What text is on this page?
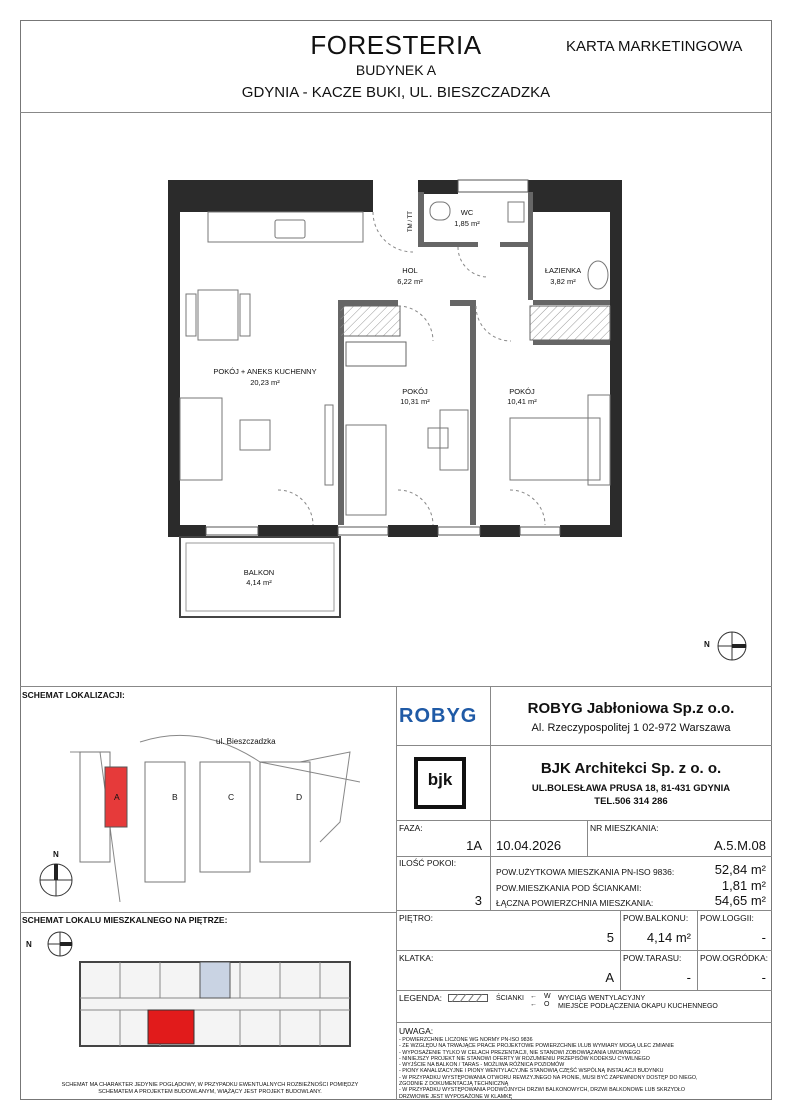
FORESTERIA
BUDYNEK A
GDYNIA - KACZE BUKI, UL. BIESZCZADZKA
KARTA MARKETINGOWA
TM / TT	WC
1,85 m²
HOL
6,22 m²
ŁAZIENKA
3,82 m²
POKÓJ + ANEKS KUCHENNY
20,23 m²
POKÓJ
10,31 m²
POKÓJ
10,41 m²
BALKON
4,14 m²
N
SCHEMAT LOKALIZACJI:
ul. Bieszczadzka
A	B	C	D
N
SCHEMAT LOKALU MIESZKALNEGO NA PIĘTRZE:
N
SCHEMAT MA CHARAKTER JEDYNIE POGLĄDOWY, W PRZYPADKU EWENTUALNYCH ROZBIEŻNOŚCI POMIĘDZY SCHEMATEM A PROJEKTEM BUDOWLANYM, WIĄŻĄCY JEST PROJEKT BUDOWLANY.
ROBYG	ROBYG Jabłoniowa Sp.z o.o.
Al. Rzeczypospolitej 1 02-972 Warszawa
bjk
BJK Architekci Sp. z o. o.
UL.BOLESŁAWA PRUSA 18, 81-431 GDYNIA
TEL.506 314 286
FAZA:
1A 10.04.2026
NR MIESZKANIA:
A.5.M.08
ILOŚĆ POKOI:
3
POW.UŻYTKOWA MIESZKANIA PN-ISO 9836:	52,84 m²
POW.MIESZKANIA POD ŚCIANKAMI:	1,81 m²
ŁĄCZNA POWIERZCHNIA MIESZKANIA:	54,65 m²
PIĘTRO:
5
POW.BALKONU:
4,14 m²
POW.LOGGII:
-
KLATKA:
A
POW.TARASU:
-
POW.OGRÓDKA:
-
LEGENDA:	ŚCIANKI ← W WYCIĄG WENTYLACYJNY
← O MIEJSCE PODŁĄCZENIA OKAPU KUCHENNEGO
UWAGA:
- POWIERZCHNIE LICZONE WG NORMY PN-ISO 9836
- ZE WZGLĘDU NA TRWAJĄCE PRACE PROJEKTOWE POWIERZCHNIE I/LUB WYMIARY MOGĄ ULEC ZMIANIE
- WYPOSAŻENIE TYLKO W CELACH PREZENTACJI, NIE STANOWI ZOBOWIĄZANIA UMOWNEGO
- NINIEJSZY PROJEKT NIE STANOWI OFERTY W ROZUMIENIU PRZEPISÓW KODEKSU CYWILNEGO
- WYJŚCIE NA BALKON / TARAS - MOŻLIWA RÓŻNICA POZIOMÓW
- PIONY KANALIZACYJNE I PIONY WENTYLACYJNE STANOWIĄ CZĘŚĆ WSPÓLNĄ INSTALACJI BUDYNKU
- W PRZYPADKU WYSTĘPOWANIA OTWORU REWIZYJNEGO NA PIONIE, MUSI BYĆ ZAPEWNIONY DOSTĘP DO NIEGO, ZGODNIE Z DOKUMENTACJĄ TECHNICZNĄ
- W PRZYPADKU WYSTĘPOWANIA PODWÓJNYCH DRZWI BALKONOWYCH, DRZWI BALKONOWE LUB SKRZYDŁO DRZWIOWE JEST WYPOSAŻONE W KLAMKĘ
